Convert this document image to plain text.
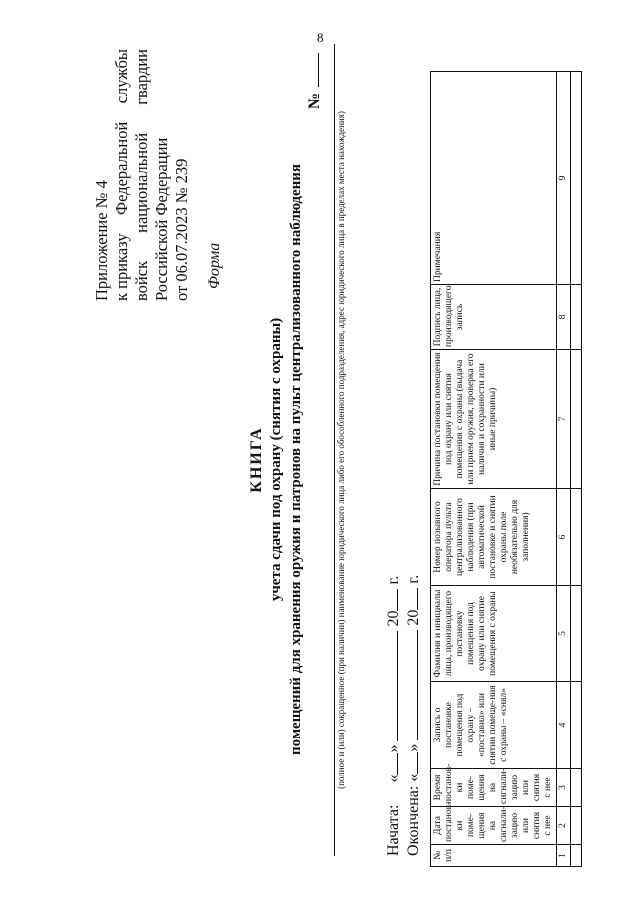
8
Приложение № 4 к приказу
Федеральной
службы
войск
национальной
гвардии
Российской Федерации от 06.07.2023 № 239 Форма
КНИГА учета сдачи под охрану (снятия с охраны) помещений для хранения оружия и патронов на пульт централизованного наблюдения
№
(полное и (или) сокращенное (при наличии) наименование юридического лица либо его обособленного подразделения, адрес юридического лица в пределах места нахождения)
Начата:  «»  20 г.
Окончена: «»  20 г.
№ п/п	Дата постанов-ки поме-щения на сигнали-зацию или снятия с нее	Время постанов-ки поме-щения на сигнали-зацию или снятия с нее	Запись о постановке помещения под охрану – «поставил» или снятии помеще-ния с охраны – «снял»	Фамилия и инициалы лица, производящего постановку помещения под охрану или снятие помещения с охраны	Номер позывного оператора пульта централизованного наблюдения (при автоматической постановке и снятии охраны поле необязательно для заполнения)	Причина постановки помещения под охрану или снятия помещения с охраны (выдача или прием оружия, проверка его наличия и сохранности или иные причины)	Подпись лица, производящего запись	Примечания
1	2	3	4	5	6	7	8	9
